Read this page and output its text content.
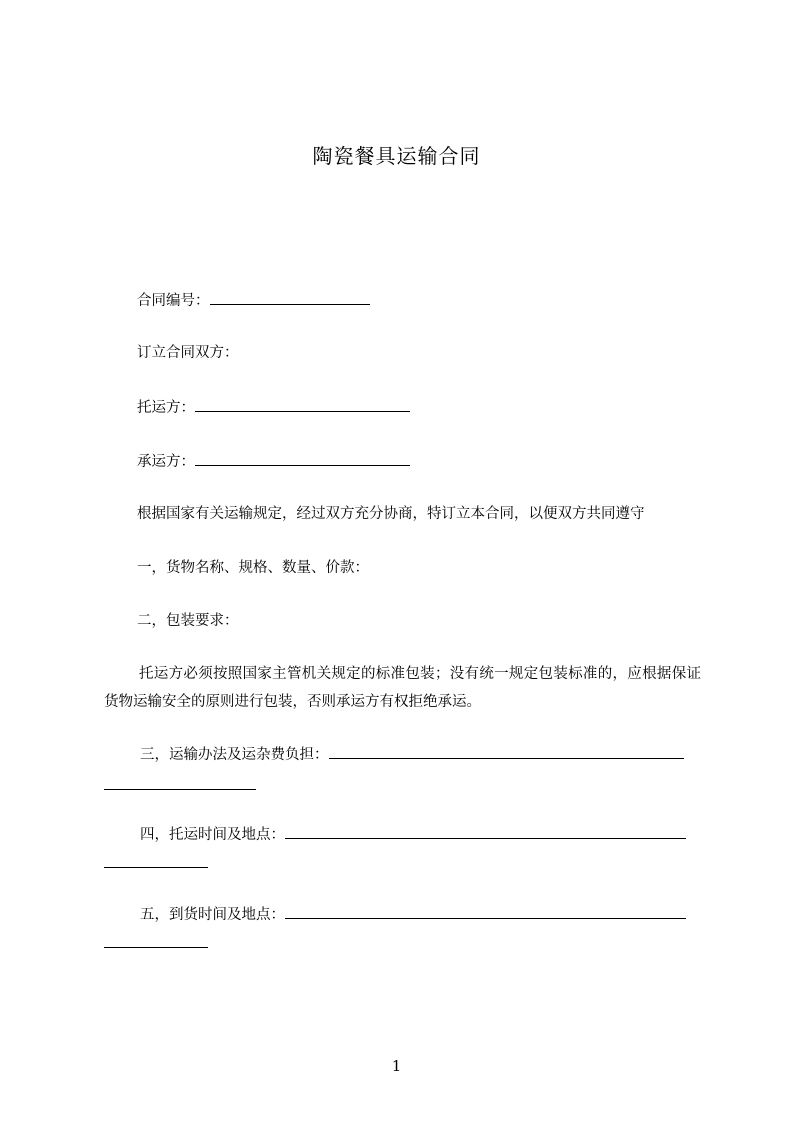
陶瓷餐具运输合同
合同编号：
订立合同双方：
托运方：
承运方：
根据国家有关运输规定，经过双方充分协商，特订立本合同，以便双方共同遵守
一，货物名称、规格、数量、价款：
二，包装要求：
托运方必须按照国家主管机关规定的标准包装；没有统一规定包装标准的，应根据保证货物运输安全的原则进行包装，否则承运方有权拒绝承运。
三，运输办法及运杂费负担：
四，托运时间及地点：
五，到货时间及地点：
1
